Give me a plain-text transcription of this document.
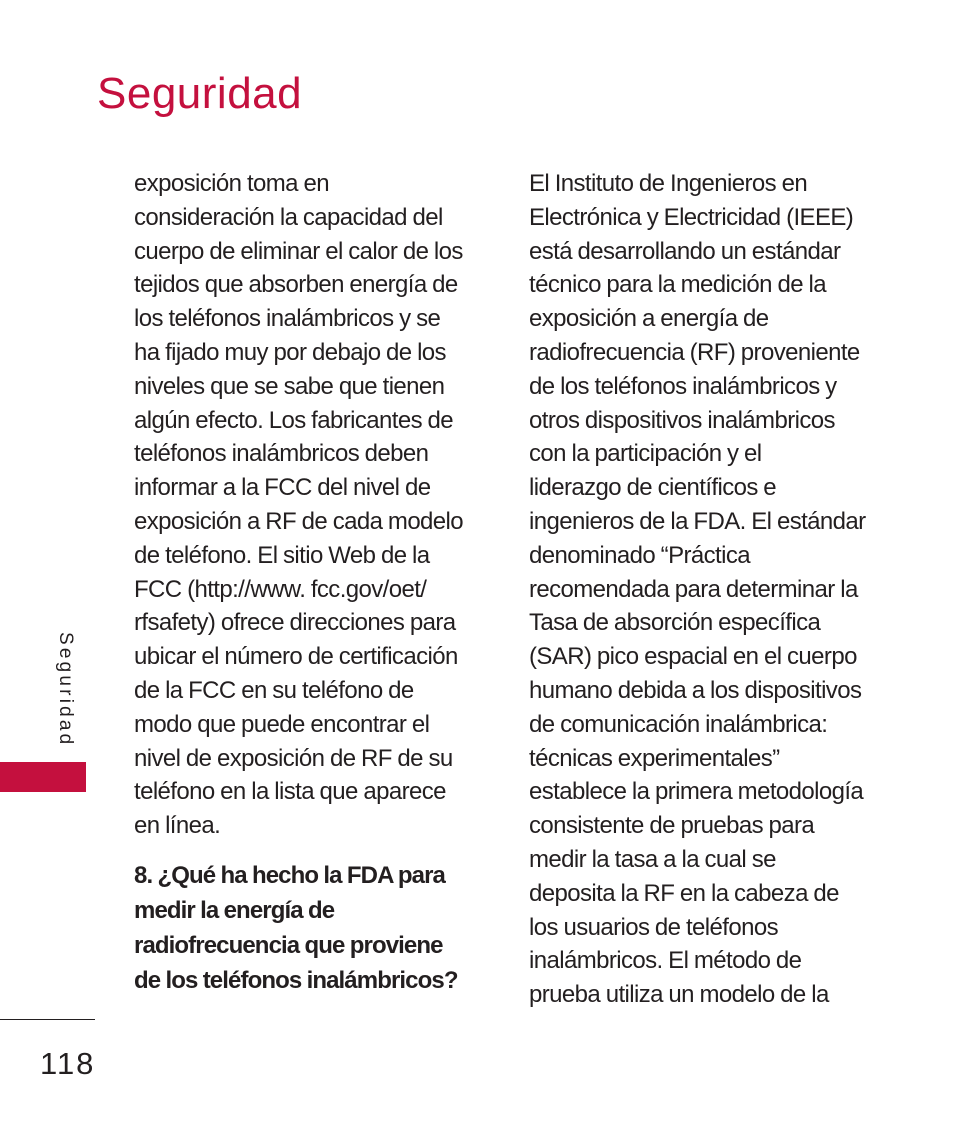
Seguridad
Seguridad
exposición toma en
consideración la capacidad del
cuerpo de eliminar el calor de los
tejidos que absorben energía de
los teléfonos inalámbricos y se
ha fijado muy por debajo de los
niveles que se sabe que tienen
algún efecto. Los fabricantes de
teléfonos inalámbricos deben
informar a la FCC del nivel de
exposición a RF de cada modelo
de teléfono. El sitio Web de la
FCC (http://www. fcc.gov/oet/
rfsafety) ofrece direcciones para
ubicar el número de certificación
de la FCC en su teléfono de
modo que puede encontrar el
nivel de exposición de RF de su
teléfono en la lista que aparece
en línea.
8. ¿Qué ha hecho la FDA para
medir la energía de
radiofrecuencia que proviene
de los teléfonos inalámbricos?
El Instituto de Ingenieros en
Electrónica y Electricidad (IEEE)
está desarrollando un estándar
técnico para la medición de la
exposición a energía de
radiofrecuencia (RF) proveniente
de los teléfonos inalámbricos y
otros dispositivos inalámbricos
con la participación y el
liderazgo de científicos e
ingenieros de la FDA. El estándar
denominado “Práctica
recomendada para determinar la
Tasa de absorción específica
(SAR) pico espacial en el cuerpo
humano debida a los dispositivos
de comunicación inalámbrica:
técnicas experimentales”
establece la primera metodología
consistente de pruebas para
medir la tasa a la cual se
deposita la RF en la cabeza de
los usuarios de teléfonos
inalámbricos. El método de
prueba utiliza un modelo de la
118
